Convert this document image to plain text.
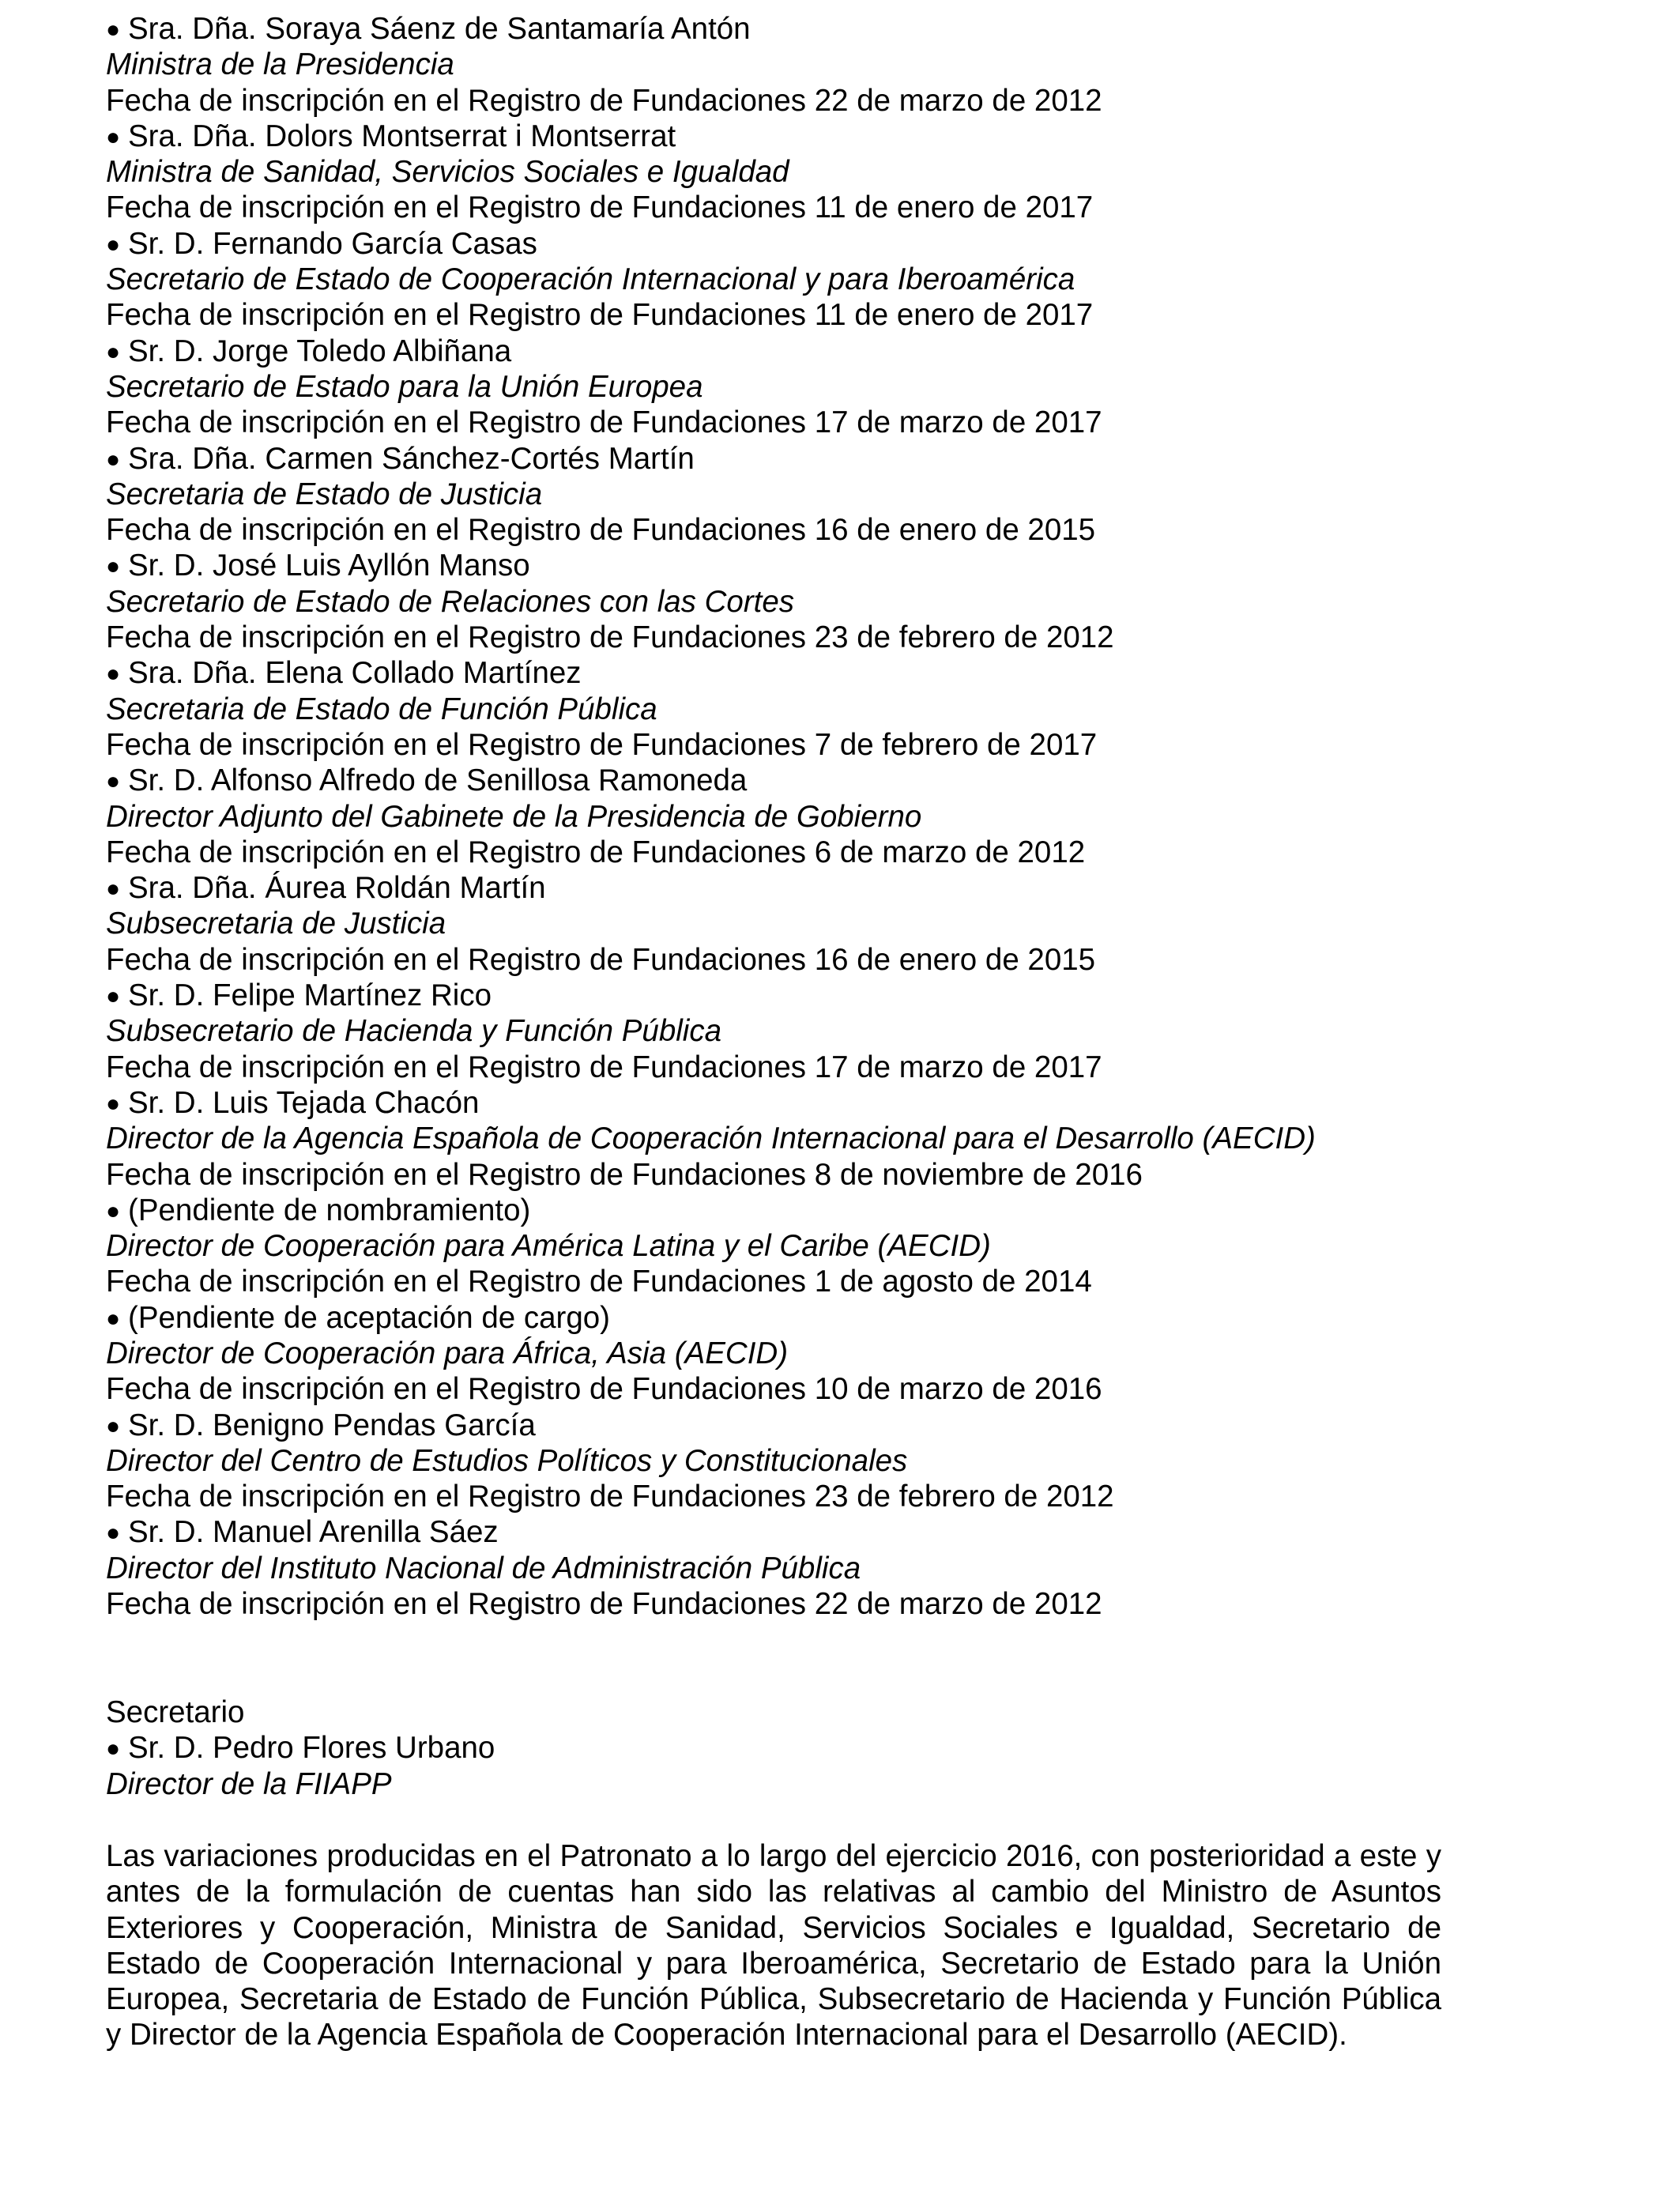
● Sra. Dña. Soraya Sáenz de Santamaría Antón
Ministra de la Presidencia
Fecha de inscripción en el Registro de Fundaciones 22 de marzo de 2012
● Sra. Dña. Dolors Montserrat i Montserrat
Ministra de Sanidad, Servicios Sociales e Igualdad
Fecha de inscripción en el Registro de Fundaciones 11 de enero de 2017
● Sr. D. Fernando García Casas
Secretario de Estado de Cooperación Internacional y para Iberoamérica
Fecha de inscripción en el Registro de Fundaciones 11 de enero de 2017
● Sr. D. Jorge Toledo Albiñana
Secretario de Estado para la Unión Europea
Fecha de inscripción en el Registro de Fundaciones 17 de marzo de 2017
● Sra. Dña. Carmen Sánchez-Cortés Martín
Secretaria de Estado de Justicia
Fecha de inscripción en el Registro de Fundaciones 16 de enero de 2015
● Sr. D. José Luis Ayllón Manso
Secretario de Estado de Relaciones con las Cortes
Fecha de inscripción en el Registro de Fundaciones 23 de febrero de 2012
● Sra. Dña. Elena Collado Martínez
Secretaria de Estado de Función Pública
Fecha de inscripción en el Registro de Fundaciones 7 de febrero de 2017
● Sr. D. Alfonso Alfredo de Senillosa Ramoneda
Director Adjunto del Gabinete de la Presidencia de Gobierno
Fecha de inscripción en el Registro de Fundaciones 6 de marzo de 2012
● Sra. Dña. Áurea Roldán Martín
Subsecretaria de Justicia
Fecha de inscripción en el Registro de Fundaciones 16 de enero de 2015
● Sr. D. Felipe Martínez Rico
Subsecretario de Hacienda y Función Pública
Fecha de inscripción en el Registro de Fundaciones 17 de marzo de 2017
● Sr. D. Luis Tejada Chacón
Director de la Agencia Española de Cooperación Internacional para el Desarrollo (AECID)
Fecha de inscripción en el Registro de Fundaciones 8 de noviembre de 2016
● (Pendiente de nombramiento)
Director de Cooperación para América Latina y el Caribe (AECID)
Fecha de inscripción en el Registro de Fundaciones 1 de agosto de 2014
● (Pendiente de aceptación de cargo)
Director de Cooperación para África, Asia (AECID)
Fecha de inscripción en el Registro de Fundaciones 10 de marzo de 2016
● Sr. D. Benigno Pendas García
Director del Centro de Estudios Políticos y Constitucionales
Fecha de inscripción en el Registro de Fundaciones 23 de febrero de 2012
● Sr. D. Manuel Arenilla Sáez
Director del Instituto Nacional de Administración Pública
Fecha de inscripción en el Registro de Fundaciones 22 de marzo de 2012
Secretario
● Sr. D. Pedro Flores Urbano
Director de la FIIAPP
Las variaciones producidas en el Patronato a lo largo del ejercicio 2016, con posterioridad a este y antes de la formulación de cuentas han sido las relativas al cambio del Ministro de Asuntos Exteriores y Cooperación, Ministra de Sanidad, Servicios Sociales e Igualdad, Secretario de Estado de Cooperación Internacional y para Iberoamérica, Secretario de Estado para la Unión Europea, Secretaria de Estado de Función Pública, Subsecretario de Hacienda y Función Pública y Director de la Agencia Española de Cooperación Internacional para el Desarrollo (AECID).
